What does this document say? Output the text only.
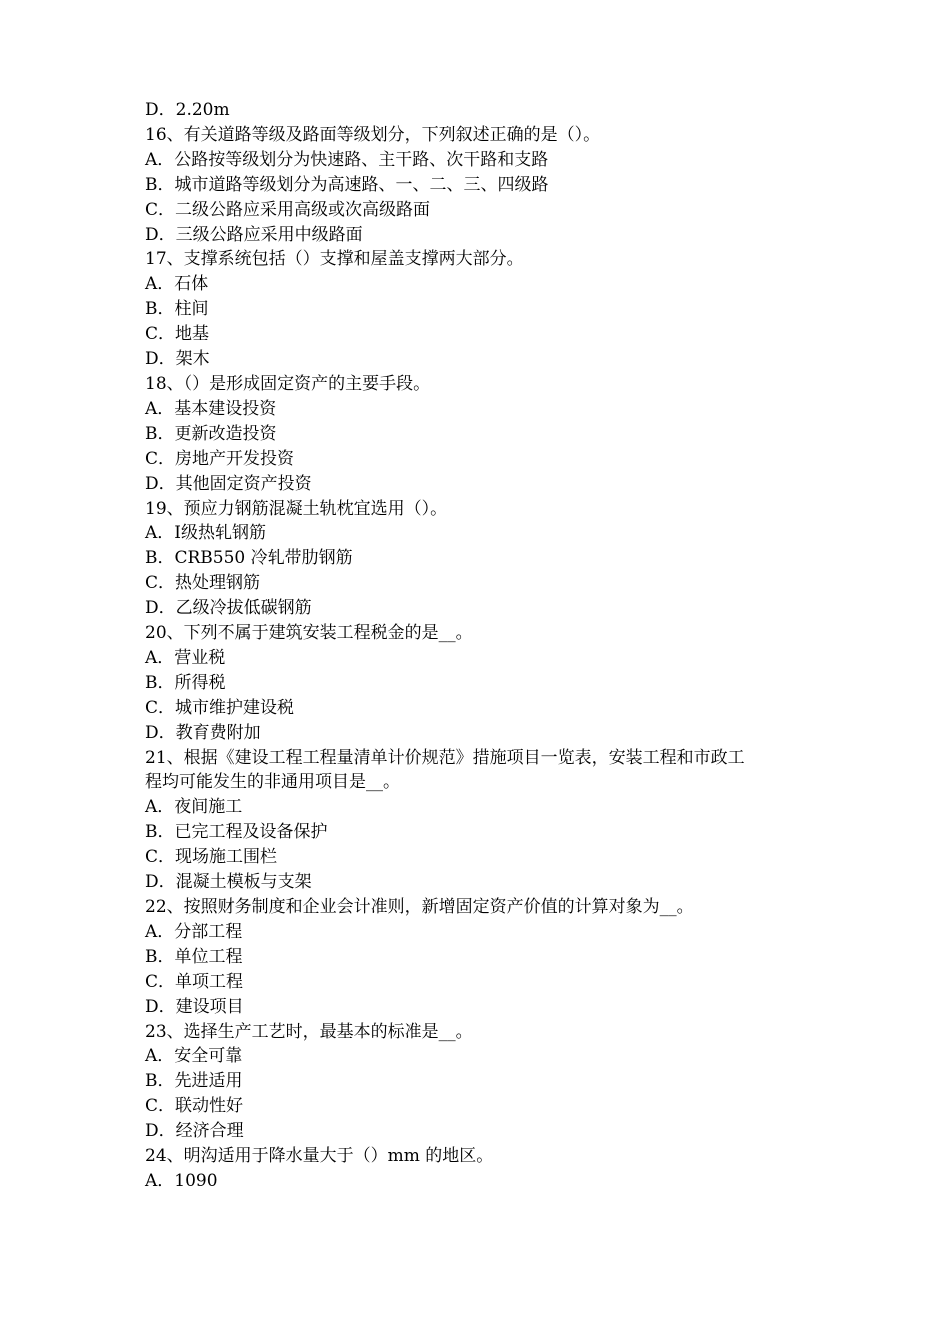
D．2.20m

16、有关道路等级及路面等级划分，下列叙述正确的是（）。

A．公路按等级划分为快速路、主干路、次干路和支路

B．城市道路等级划分为高速路、一、二、三、四级路

C．二级公路应采用高级或次高级路面

D．三级公路应采用中级路面

17、支撑系统包括（）支撑和屋盖支撑两大部分。

A．石体

B．柱间

C．地基

D．架木

18、（）是形成固定资产的主要手段。

A．基本建设投资

B．更新改造投资

C．房地产开发投资

D．其他固定资产投资

19、预应力钢筋混凝土轨枕宜选用（）。

A．Ⅰ级热轧钢筋

B．CRB550 冷轧带肋钢筋

C．热处理钢筋

D．乙级冷拔低碳钢筋

20、下列不属于建筑安装工程税金的是__。

A．营业税

B．所得税

C．城市维护建设税

D．教育费附加

21、根据《建设工程工程量清单计价规范》措施项目一览表，安装工程和市政工

程均可能发生的非通用项目是__。

A．夜间施工

B．已完工程及设备保护

C．现场施工围栏

D．混凝土模板与支架

22、按照财务制度和企业会计准则，新增固定资产价值的计算对象为__。

A．分部工程

B．单位工程

C．单项工程

D．建设项目

23、选择生产工艺时，最基本的标准是__。

A．安全可靠

B．先进适用

C．联动性好

D．经济合理

24、明沟适用于降水量大于（）mm 的地区。

A．1090
